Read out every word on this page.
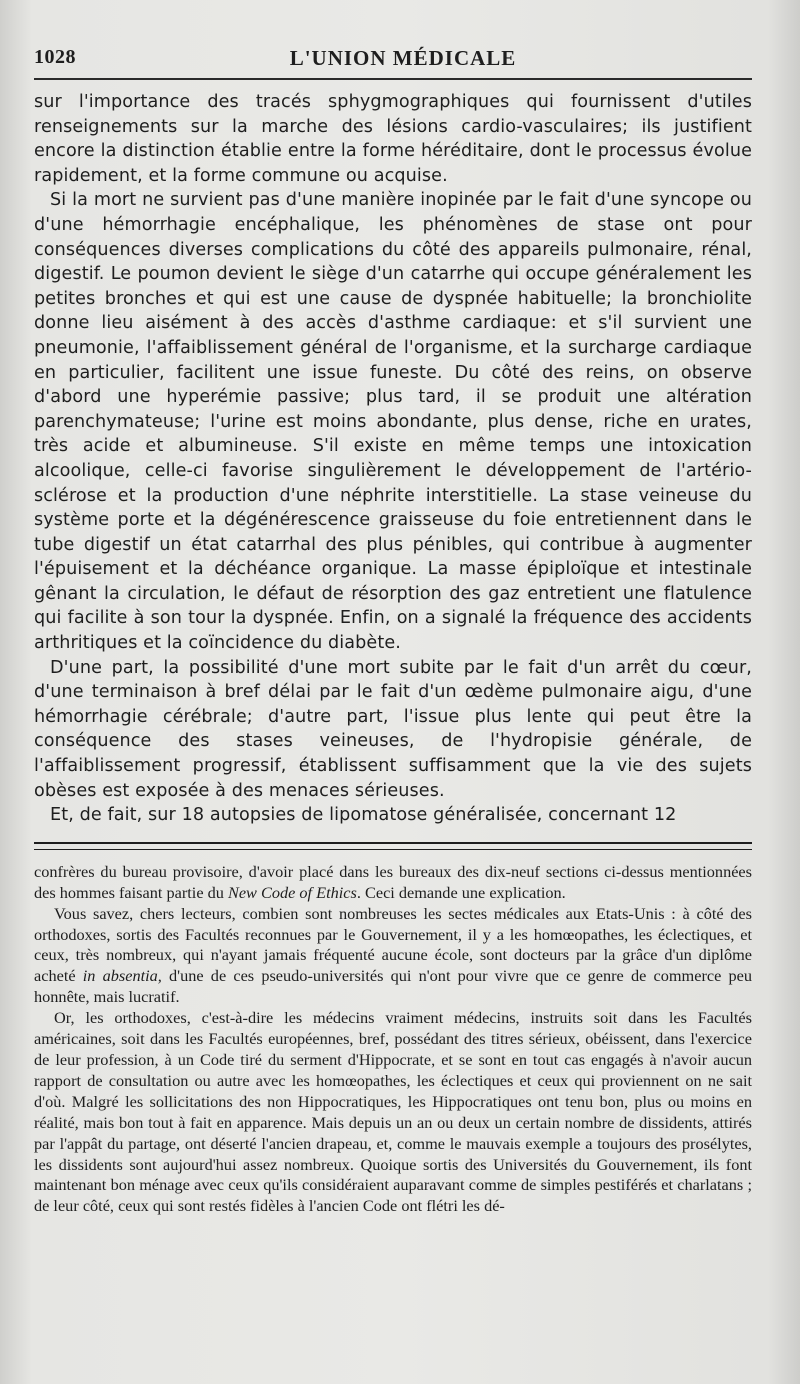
1028	L'UNION MÉDICALE

sur l'importance des tracés sphygmographiques qui fournissent d'utiles renseignements sur la marche des lésions cardio-vasculaires; ils justifient encore la distinction établie entre la forme héréditaire, dont le processus évolue rapidement, et la forme commune ou acquise.

Si la mort ne survient pas d'une manière inopinée par le fait d'une syncope ou d'une hémorrhagie encéphalique, les phénomènes de stase ont pour conséquences diverses complications du côté des appareils pulmonaire, rénal, digestif. Le poumon devient le siège d'un catarrhe qui occupe généralement les petites bronches et qui est une cause de dyspnée habituelle; la bronchiolite donne lieu aisément à des accès d'asthme cardiaque: et s'il survient une pneumonie, l'affaiblissement général de l'organisme, et la surcharge cardiaque en particulier, facilitent une issue funeste. Du côté des reins, on observe d'abord une hyperémie passive; plus tard, il se produit une altération parenchymateuse; l'urine est moins abondante, plus dense, riche en urates, très acide et albumineuse. S'il existe en même temps une intoxication alcoolique, celle-ci favorise singulièrement le développement de l'artério-sclérose et la production d'une néphrite interstitielle. La stase veineuse du système porte et la dégénérescence graisseuse du foie entretiennent dans le tube digestif un état catarrhal des plus pénibles, qui contribue à augmenter l'épuisement et la déchéance organique. La masse épiploïque et intestinale gênant la circulation, le défaut de résorption des gaz entretient une flatulence qui facilite à son tour la dyspnée. Enfin, on a signalé la fréquence des accidents arthritiques et la coïncidence du diabète.

D'une part, la possibilité d'une mort subite par le fait d'un arrêt du cœur, d'une terminaison à bref délai par le fait d'un œdème pulmonaire aigu, d'une hémorrhagie cérébrale; d'autre part, l'issue plus lente qui peut être la conséquence des stases veineuses, de l'hydropisie générale, de l'affaiblissement progressif, établissent suffisamment que la vie des sujets obèses est exposée à des menaces sérieuses.

Et, de fait, sur 18 autopsies de lipomatose généralisée, concernant 12

confrères du bureau provisoire, d'avoir placé dans les bureaux des dix-neuf sections ci-dessus mentionnées des hommes faisant partie du New Code of Ethics. Ceci demande une explication.

Vous savez, chers lecteurs, combien sont nombreuses les sectes médicales aux Etats-Unis : à côté des orthodoxes, sortis des Facultés reconnues par le Gouvernement, il y a les homœopathes, les éclectiques, et ceux, très nombreux, qui n'ayant jamais fréquenté aucune école, sont docteurs par la grâce d'un diplôme acheté in absentia, d'une de ces pseudo-universités qui n'ont pour vivre que ce genre de commerce peu honnête, mais lucratif.

Or, les orthodoxes, c'est-à-dire les médecins vraiment médecins, instruits soit dans les Facultés américaines, soit dans les Facultés européennes, bref, possédant des titres sérieux, obéissent, dans l'exercice de leur profession, à un Code tiré du serment d'Hippocrate, et se sont en tout cas engagés à n'avoir aucun rapport de consultation ou autre avec les homœopathes, les éclectiques et ceux qui proviennent on ne sait d'où. Malgré les sollicitations des non Hippocratiques, les Hippocratiques ont tenu bon, plus ou moins en réalité, mais bon tout à fait en apparence. Mais depuis un an ou deux un certain nombre de dissidents, attirés par l'appât du partage, ont déserté l'ancien drapeau, et, comme le mauvais exemple a toujours des prosélytes, les dissidents sont aujourd'hui assez nombreux. Quoique sortis des Universités du Gouvernement, ils font maintenant bon ménage avec ceux qu'ils considéraient auparavant comme de simples pestiférés et charlatans ; de leur côté, ceux qui sont restés fidèles à l'ancien Code ont flétri les dé-
